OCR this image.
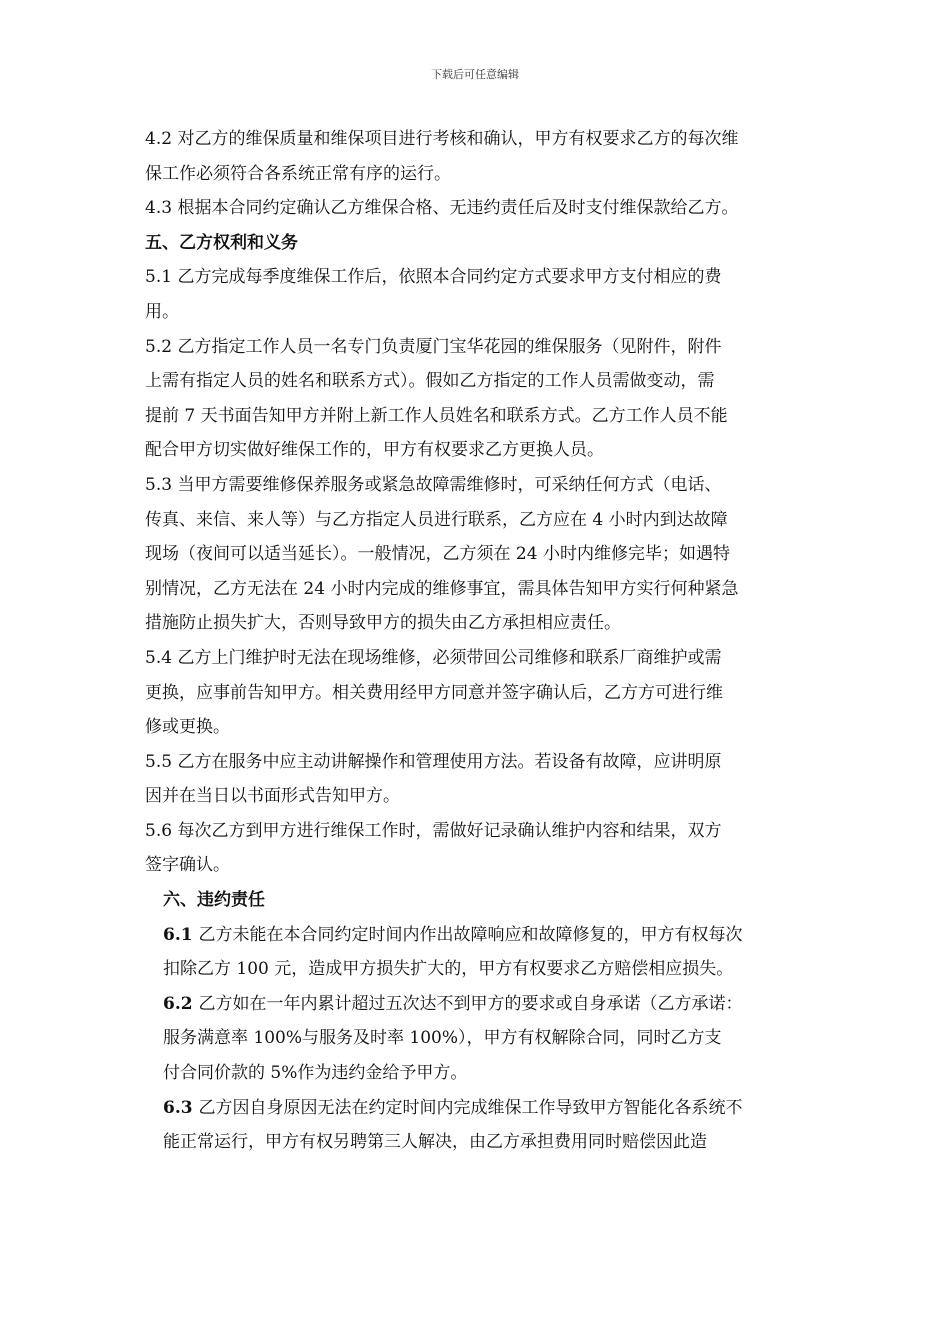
下载后可任意编辑
4.2 对乙方的维保质量和维保项目进行考核和确认，甲方有权要求乙方的每次维
保工作必须符合各系统正常有序的运行。
4.3 根据本合同约定确认乙方维保合格、无违约责任后及时支付维保款给乙方。
五、乙方权利和义务
5.1 乙方完成每季度维保工作后，依照本合同约定方式要求甲方支付相应的费
用。
5.2 乙方指定工作人员一名专门负责厦门宝华花园的维保服务（见附件，附件
上需有指定人员的姓名和联系方式）。假如乙方指定的工作人员需做变动，需
提前 7 天书面告知甲方并附上新工作人员姓名和联系方式。乙方工作人员不能
配合甲方切实做好维保工作的，甲方有权要求乙方更换人员。
5.3 当甲方需要维修保养服务或紧急故障需维修时，可采纳任何方式（电话、
传真、来信、来人等）与乙方指定人员进行联系，乙方应在 4 小时内到达故障
现场（夜间可以适当延长）。一般情况，乙方须在 24 小时内维修完毕；如遇特
别情况，乙方无法在 24 小时内完成的维修事宜，需具体告知甲方实行何种紧急
措施防止损失扩大，否则导致甲方的损失由乙方承担相应责任。
5.4 乙方上门维护时无法在现场维修，必须带回公司维修和联系厂商维护或需
更换，应事前告知甲方。相关费用经甲方同意并签字确认后，乙方方可进行维
修或更换。
5.5 乙方在服务中应主动讲解操作和管理使用方法。若设备有故障，应讲明原
因并在当日以书面形式告知甲方。
5.6 每次乙方到甲方进行维保工作时，需做好记录确认维护内容和结果，双方
签字确认。
六、违约责任
6.1 乙方未能在本合同约定时间内作出故障响应和故障修复的，甲方有权每次

扣除乙方 100 元，造成甲方损失扩大的，甲方有权要求乙方赔偿相应损失。
6.2 乙方如在一年内累计超过五次达不到甲方的要求或自身承诺（乙方承诺：

服务满意率 100%与服务及时率 100%），甲方有权解除合同，同时乙方支
付合同价款的 5%作为违约金给予甲方。
6.3 乙方因自身原因无法在约定时间内完成维保工作导致甲方智能化各系统不

能正常运行，甲方有权另聘第三人解决，由乙方承担费用同时赔偿因此造
